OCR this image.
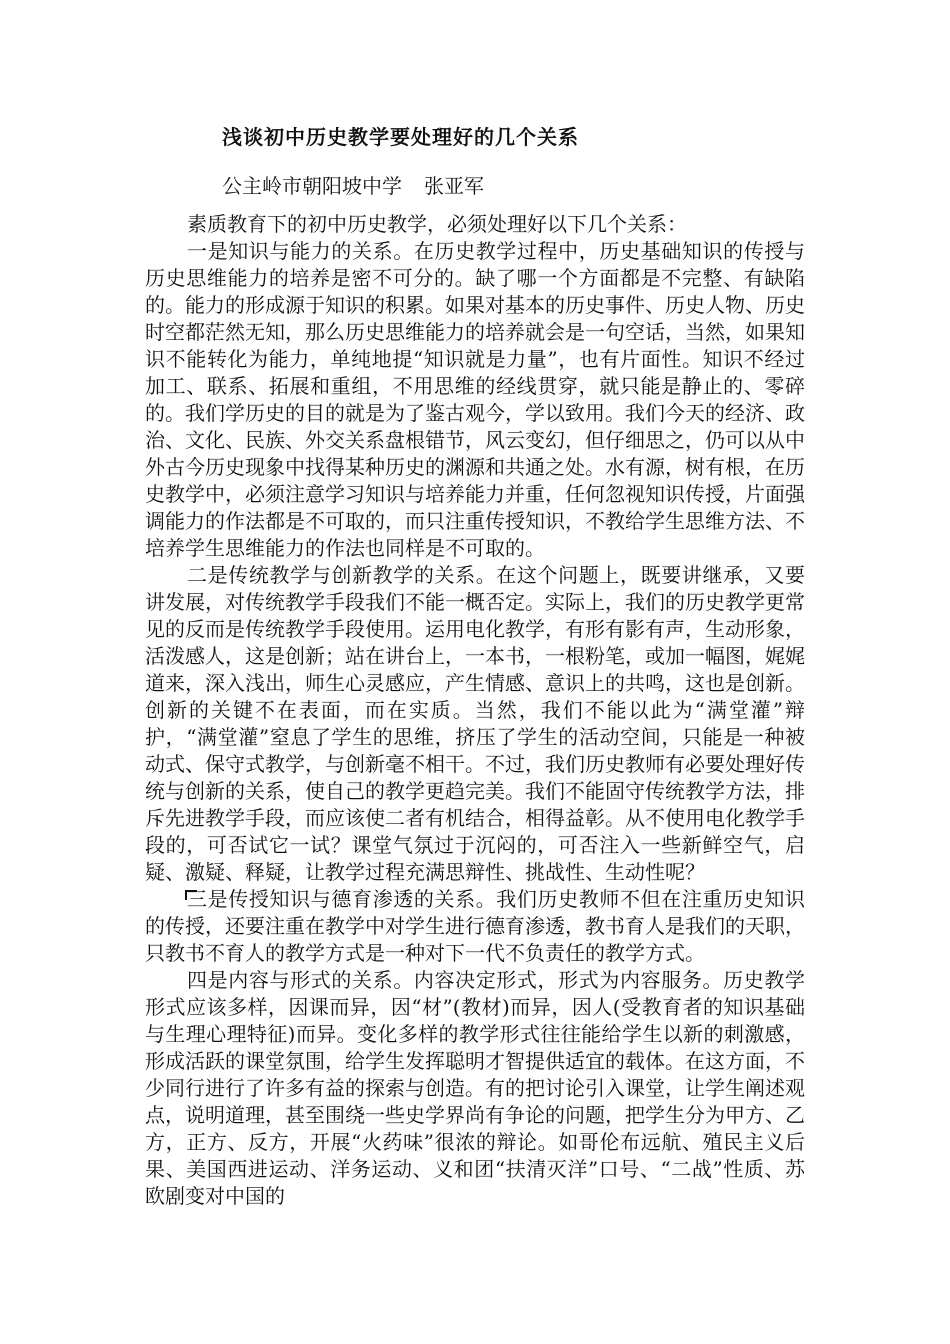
浅谈初中历史教学要处理好的几个关系
公主岭市朝阳坡中学 张亚军

素质教育下的初中历史教学，必须处理好以下几个关系：

一是知识与能力的关系。在历史教学过程中，历史基础知识的传授与历史思维能力的培养是密不可分的。缺了哪一个方面都是不完整、有缺陷的。能力的形成源于知识的积累。如果对基本的历史事件、历史人物、历史时空都茫然无知，那么历史思维能力的培养就会是一句空话，当然，如果知识不能转化为能力，单纯地提“知识就是力量”，也有片面性。知识不经过加工、联系、拓展和重组，不用思维的经线贯穿，就只能是静止的、零碎的。我们学历史的目的就是为了鉴古观今，学以致用。我们今天的经济、政治、文化、民族、外交关系盘根错节，风云变幻，但仔细思之，仍可以从中外古今历史现象中找得某种历史的渊源和共通之处。水有源，树有根，在历史教学中，必须注意学习知识与培养能力并重，任何忽视知识传授，片面强调能力的作法都是不可取的，而只注重传授知识，不教给学生思维方法、不培养学生思维能力的作法也同样是不可取的。

二是传统教学与创新教学的关系。在这个问题上，既要讲继承，又要讲发展，对传统教学手段我们不能一概否定。实际上，我们的历史教学更常见的反而是传统教学手段使用。运用电化教学，有形有影有声，生动形象，活泼感人，这是创新；站在讲台上，一本书，一根粉笔，或加一幅图，娓娓道来，深入浅出，师生心灵感应，产生情感、意识上的共鸣，这也是创新。创新的关键不在表面，而在实质。当然，我们不能以此为“满堂灌”辩护，“满堂灌”窒息了学生的思维，挤压了学生的活动空间，只能是一种被动式、保守式教学，与创新毫不相干。不过，我们历史教师有必要处理好传统与创新的关系，使自己的教学更趋完美。我们不能固守传统教学方法，排斥先进教学手段，而应该使二者有机结合，相得益彰。从不使用电化教学手段的，可否试它一试？课堂气氛过于沉闷的，可否注入一些新鲜空气，启疑、激疑、释疑，让教学过程充满思辩性、挑战性、生动性呢？

三是传授知识与德育渗透的关系。我们历史教师不但在注重历史知识的传授，还要注重在教学中对学生进行德育渗透，教书育人是我们的天职，只教书不育人的教学方式是一种对下一代不负责任的教学方式。

四是内容与形式的关系。内容决定形式，形式为内容服务。历史教学形式应该多样，因课而异，因“材”(教材)而异，因人(受教育者的知识基础与生理心理特征)而异。变化多样的教学形式往往能给学生以新的刺激感，形成活跃的课堂氛围，给学生发挥聪明才智提供适宜的载体。在这方面，不少同行进行了许多有益的探索与创造。有的把讨论引入课堂，让学生阐述观点，说明道理，甚至围绕一些史学界尚有争论的问题，把学生分为甲方、乙方，正方、反方，开展“火药味”很浓的辩论。如哥伦布远航、殖民主义后果、美国西进运动、洋务运动、义和团“扶清灭洋”口号、“二战”性质、苏欧剧变对中国的
